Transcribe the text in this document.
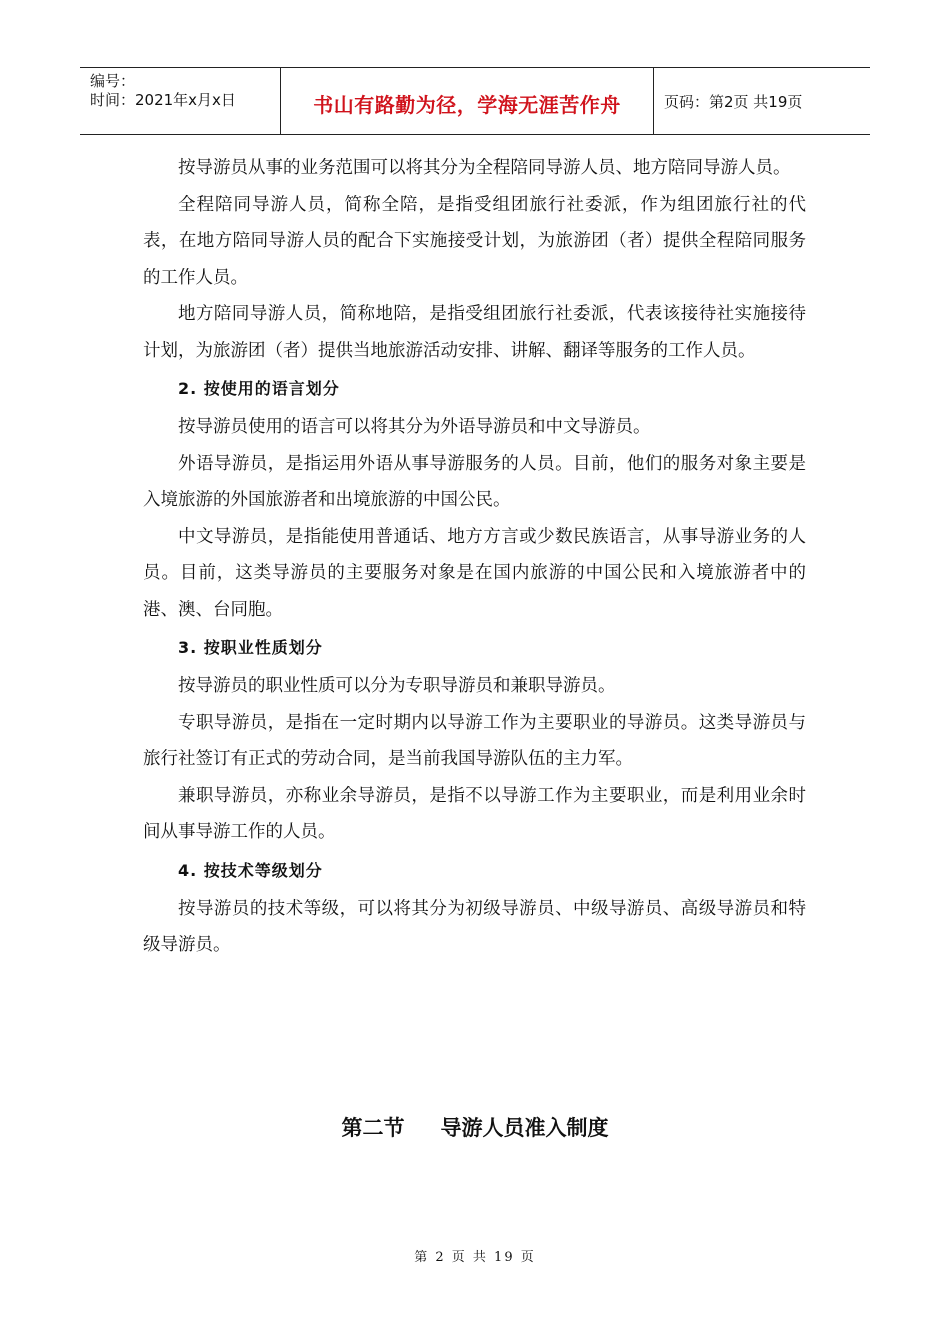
编号：
时间：2021年x月x日	书山有路勤为径，学海无涯苦作舟	页码：第2页 共19页

按导游员从事的业务范围可以将其分为全程陪同导游人员、地方陪同导游人员。

全程陪同导游人员，简称全陪，是指受组团旅行社委派，作为组团旅行社的代表，在地方陪同导游人员的配合下实施接受计划，为旅游团（者）提供全程陪同服务的工作人员。

地方陪同导游人员，简称地陪，是指受组团旅行社委派，代表该接待社实施接待计划，为旅游团（者）提供当地旅游活动安排、讲解、翻译等服务的工作人员。

2. 按使用的语言划分

按导游员使用的语言可以将其分为外语导游员和中文导游员。

外语导游员，是指运用外语从事导游服务的人员。目前，他们的服务对象主要是入境旅游的外国旅游者和出境旅游的中国公民。

中文导游员，是指能使用普通话、地方方言或少数民族语言，从事导游业务的人员。目前，这类导游员的主要服务对象是在国内旅游的中国公民和入境旅游者中的港、澳、台同胞。

3. 按职业性质划分

按导游员的职业性质可以分为专职导游员和兼职导游员。

专职导游员，是指在一定时期内以导游工作为主要职业的导游员。这类导游员与旅行社签订有正式的劳动合同，是当前我国导游队伍的主力军。

兼职导游员，亦称业余导游员，是指不以导游工作为主要职业，而是利用业余时间从事导游工作的人员。

4. 按技术等级划分

按导游员的技术等级，可以将其分为初级导游员、中级导游员、高级导游员和特级导游员。

第二节 导游人员准入制度
第 2 页 共 19 页
